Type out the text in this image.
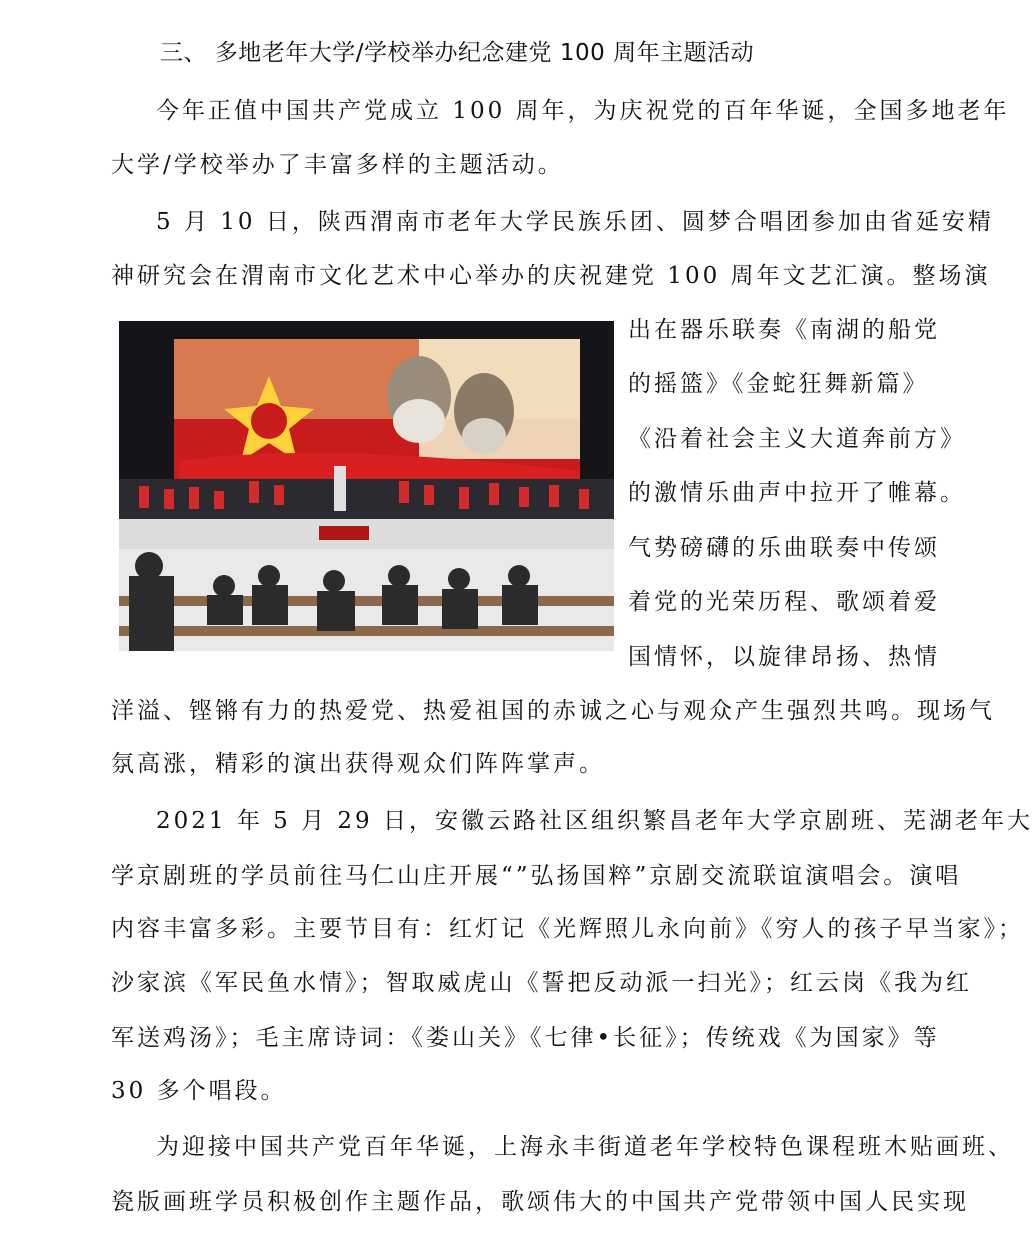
三、 多地老年大学/学校举办纪念建党 100 周年主题活动
今年正值中国共产党成立 100 周年，为庆祝党的百年华诞，全国多地老年
大学/学校举办了丰富多样的主题活动。
5 月 10 日，陕西渭南市老年大学民族乐团、圆梦合唱团参加由省延安精
神研究会在渭南市文化艺术中心举办的庆祝建党 100 周年文艺汇演。整场演
出在器乐联奏《南湖的船党
的摇篮》《金蛇狂舞新篇》
《沿着社会主义大道奔前方》
的激情乐曲声中拉开了帷幕。
气势磅礴的乐曲联奏中传颂
着党的光荣历程、歌颂着爱
国情怀，以旋律昂扬、热情
洋溢、铿锵有力的热爱党、热爱祖国的赤诚之心与观众产生强烈共鸣。现场气
氛高涨，精彩的演出获得观众们阵阵掌声。
2021 年 5 月 29 日，安徽云路社区组织繁昌老年大学京剧班、芜湖老年大
学京剧班的学员前往马仁山庄开展“”弘扬国粹”京剧交流联谊演唱会。演唱
内容丰富多彩。主要节目有：红灯记《光辉照儿永向前》《穷人的孩子早当家》；
沙家滨《军民鱼水情》；智取威虎山《誓把反动派一扫光》；红云岗《我为红
军送鸡汤》；毛主席诗词：《娄山关》《七律•长征》；传统戏《为国家》等
30 多个唱段。
为迎接中国共产党百年华诞，上海永丰街道老年学校特色课程班木贴画班、
瓷版画班学员积极创作主题作品，歌颂伟大的中国共产党带领中国人民实现
